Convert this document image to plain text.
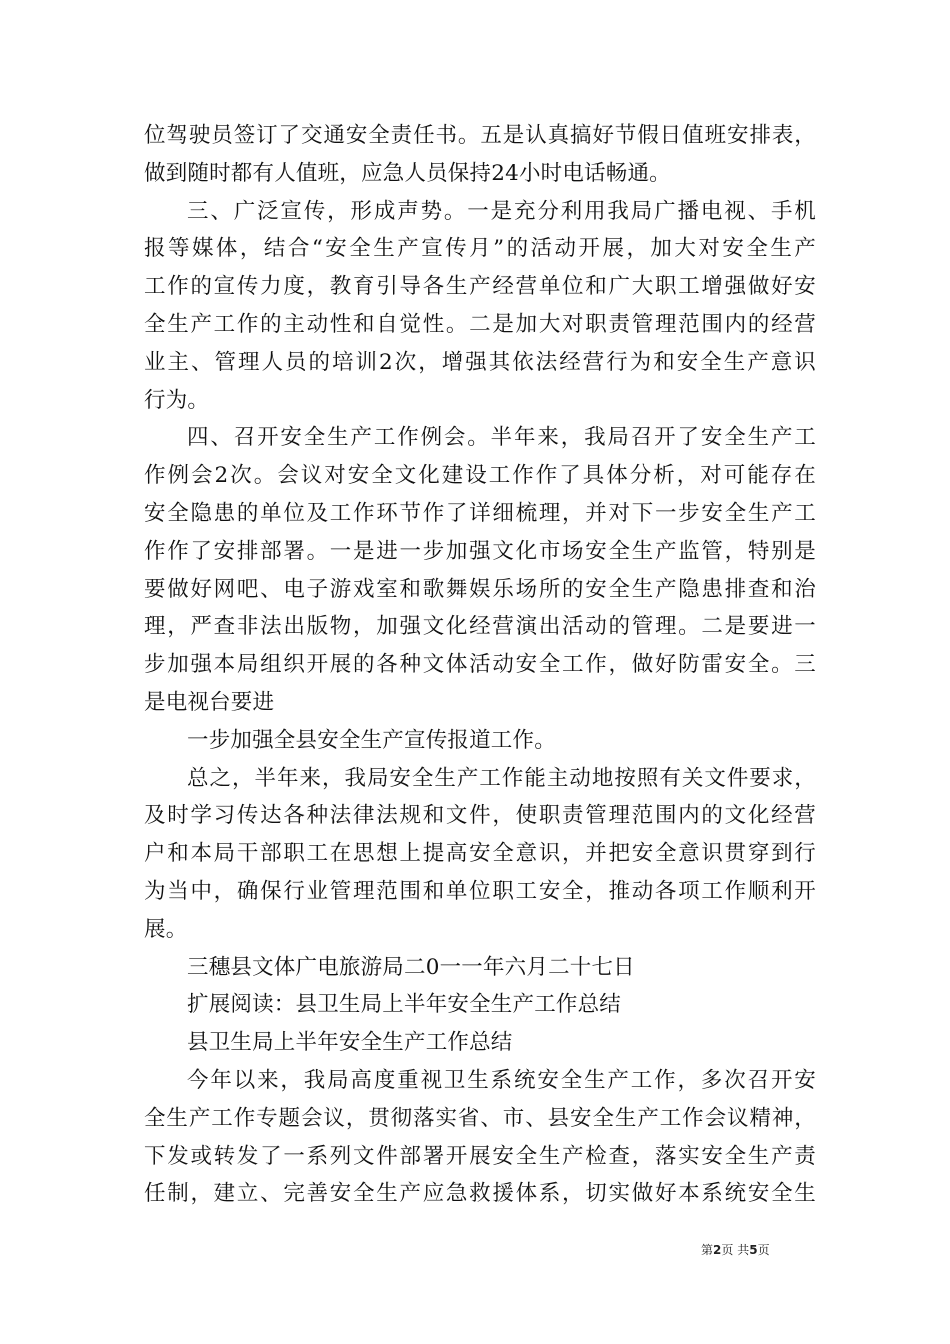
位驾驶员签订了交通安全责任书。五是认真搞好节假日值班安排表，
做到随时都有人值班，应急人员保持24小时电话畅通。
三、广泛宣传，形成声势。一是充分利用我局广播电视、手机
报等媒体，结合“安全生产宣传月”的活动开展，加大对安全生产
工作的宣传力度，教育引导各生产经营单位和广大职工增强做好安
全生产工作的主动性和自觉性。二是加大对职责管理范围内的经营
业主、管理人员的培训2次，增强其依法经营行为和安全生产意识
行为。
四、召开安全生产工作例会。半年来，我局召开了安全生产工
作例会2次。会议对安全文化建设工作作了具体分析，对可能存在
安全隐患的单位及工作环节作了详细梳理，并对下一步安全生产工
作作了安排部署。一是进一步加强文化市场安全生产监管，特别是
要做好网吧、电子游戏室和歌舞娱乐场所的安全生产隐患排查和治
理，严查非法出版物，加强文化经营演出活动的管理。二是要进一
步加强本局组织开展的各种文体活动安全工作，做好防雷安全。三
是电视台要进
一步加强全县安全生产宣传报道工作。
总之，半年来，我局安全生产工作能主动地按照有关文件要求，
及时学习传达各种法律法规和文件，使职责管理范围内的文化经营
户和本局干部职工在思想上提高安全意识，并把安全意识贯穿到行
为当中，确保行业管理范围和单位职工安全，推动各项工作顺利开
展。
三穗县文体广电旅游局二0一一年六月二十七日
扩展阅读：县卫生局上半年安全生产工作总结
县卫生局上半年安全生产工作总结
今年以来，我局高度重视卫生系统安全生产工作，多次召开安
全生产工作专题会议，贯彻落实省、市、县安全生产工作会议精神，
下发或转发了一系列文件部署开展安全生产检查，落实安全生产责
任制，建立、完善安全生产应急救援体系，切实做好本系统安全生
第2页 共5页
